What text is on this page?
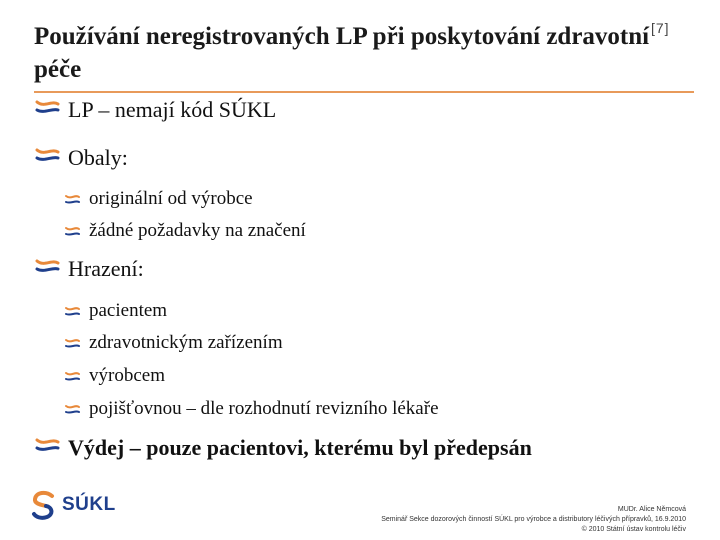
Používání neregistrovaných LP při poskytování zdravotní péče
[7]
LP – nemají kód SÚKL
Obaly:
originální od výrobce
žádné požadavky na značení
Hrazení:
pacientem
zdravotnickým zařízením
výrobcem
pojišťovnou – dle rozhodnutí revizního lékaře
Výdej – pouze pacientovi, kterému byl předepsán
SÚKL	MUDr. Alice Němcová
Seminář Sekce dozorových činností SÚKL pro výrobce a distributory léčivých přípravků, 16.9.2010
© 2010 Státní ústav kontrolu léčiv
